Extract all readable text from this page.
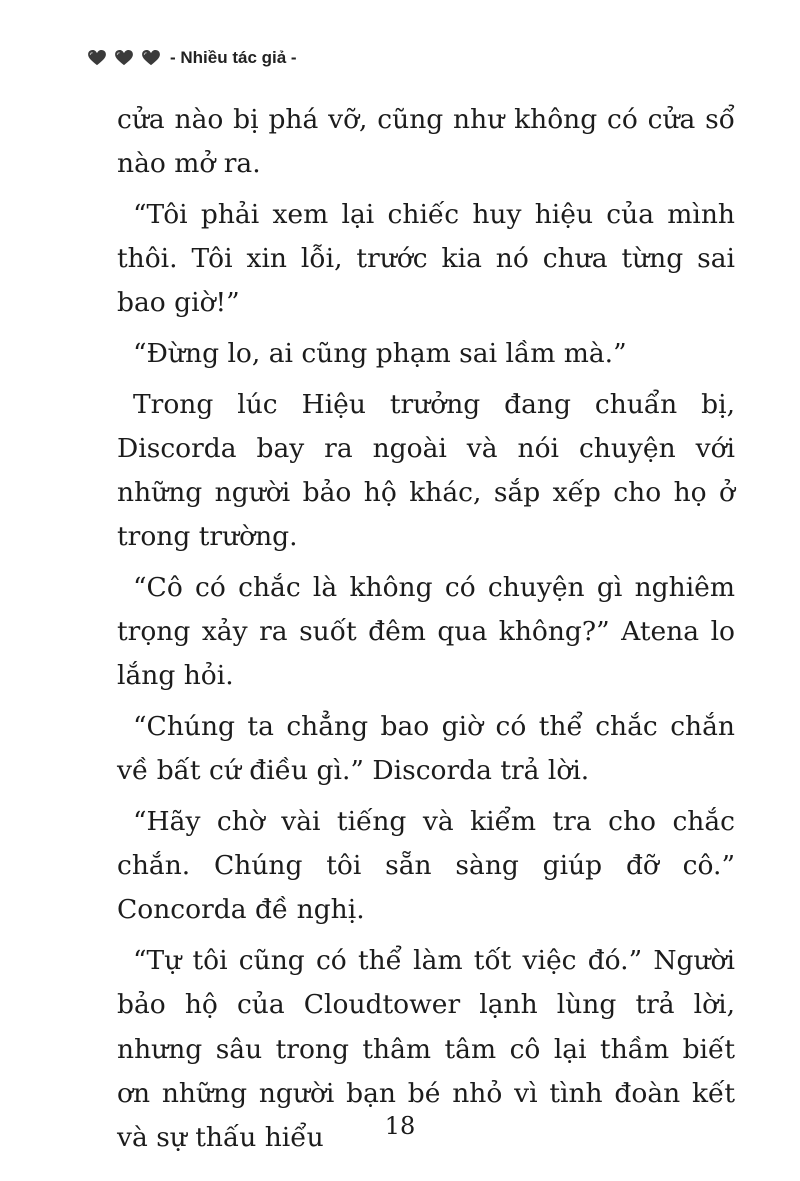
- Nhiều tác giả -

cửa nào bị phá vỡ, cũng như không có cửa sổ nào mở ra.

“Tôi phải xem lại chiếc huy hiệu của mình thôi. Tôi xin lỗi, trước kia nó chưa từng sai bao giờ!”

“Đừng lo, ai cũng phạm sai lầm mà.”

Trong lúc Hiệu trưởng đang chuẩn bị, Discorda bay ra ngoài và nói chuyện với những người bảo hộ khác, sắp xếp cho họ ở trong trường.

“Cô có chắc là không có chuyện gì nghiêm trọng xảy ra suốt đêm qua không?” Atena lo lắng hỏi.

“Chúng ta chẳng bao giờ có thể chắc chắn về bất cứ điều gì.” Discorda trả lời.

“Hãy chờ vài tiếng và kiểm tra cho chắc chắn. Chúng tôi sẵn sàng giúp đỡ cô.” Concorda đề nghị.

“Tự tôi cũng có thể làm tốt việc đó.” Người bảo hộ của Cloudtower lạnh lùng trả lời, nhưng sâu trong thâm tâm cô lại thầm biết ơn những người bạn bé nhỏ vì tình đoàn kết và sự thấu hiểu	18
